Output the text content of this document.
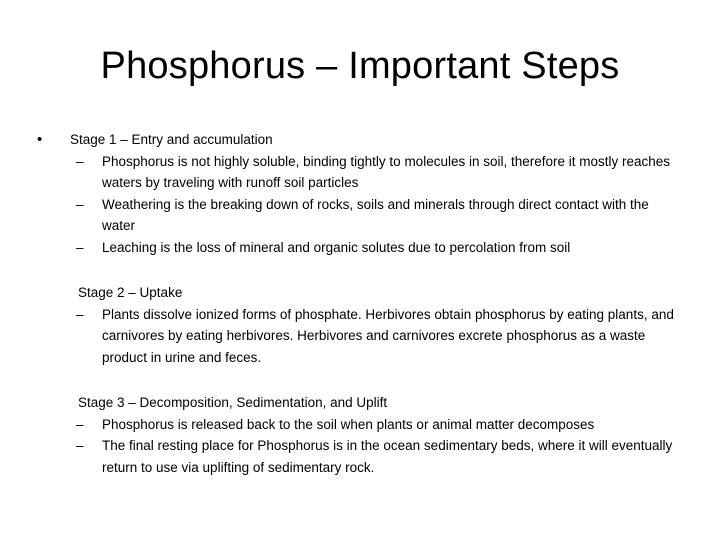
Phosphorus – Important Steps
• Stage 1 – Entry and accumulation
– Phosphorus is not highly soluble, binding tightly to molecules in soil, therefore it mostly reaches waters by traveling with runoff soil particles
– Weathering is the breaking down of rocks, soils and minerals through direct contact with the water
– Leaching is the loss of mineral and organic solutes due to percolation from soil
Stage 2 – Uptake
– Plants dissolve ionized forms of phosphate. Herbivores obtain phosphorus by eating plants, and carnivores by eating herbivores. Herbivores and carnivores excrete phosphorus as a waste product in urine and feces.
Stage 3 – Decomposition, Sedimentation, and Uplift
– Phosphorus is released back to the soil when plants or animal matter decomposes
– The final resting place for Phosphorus is in the ocean sedimentary beds, where it will eventually return to use via uplifting of sedimentary rock.
